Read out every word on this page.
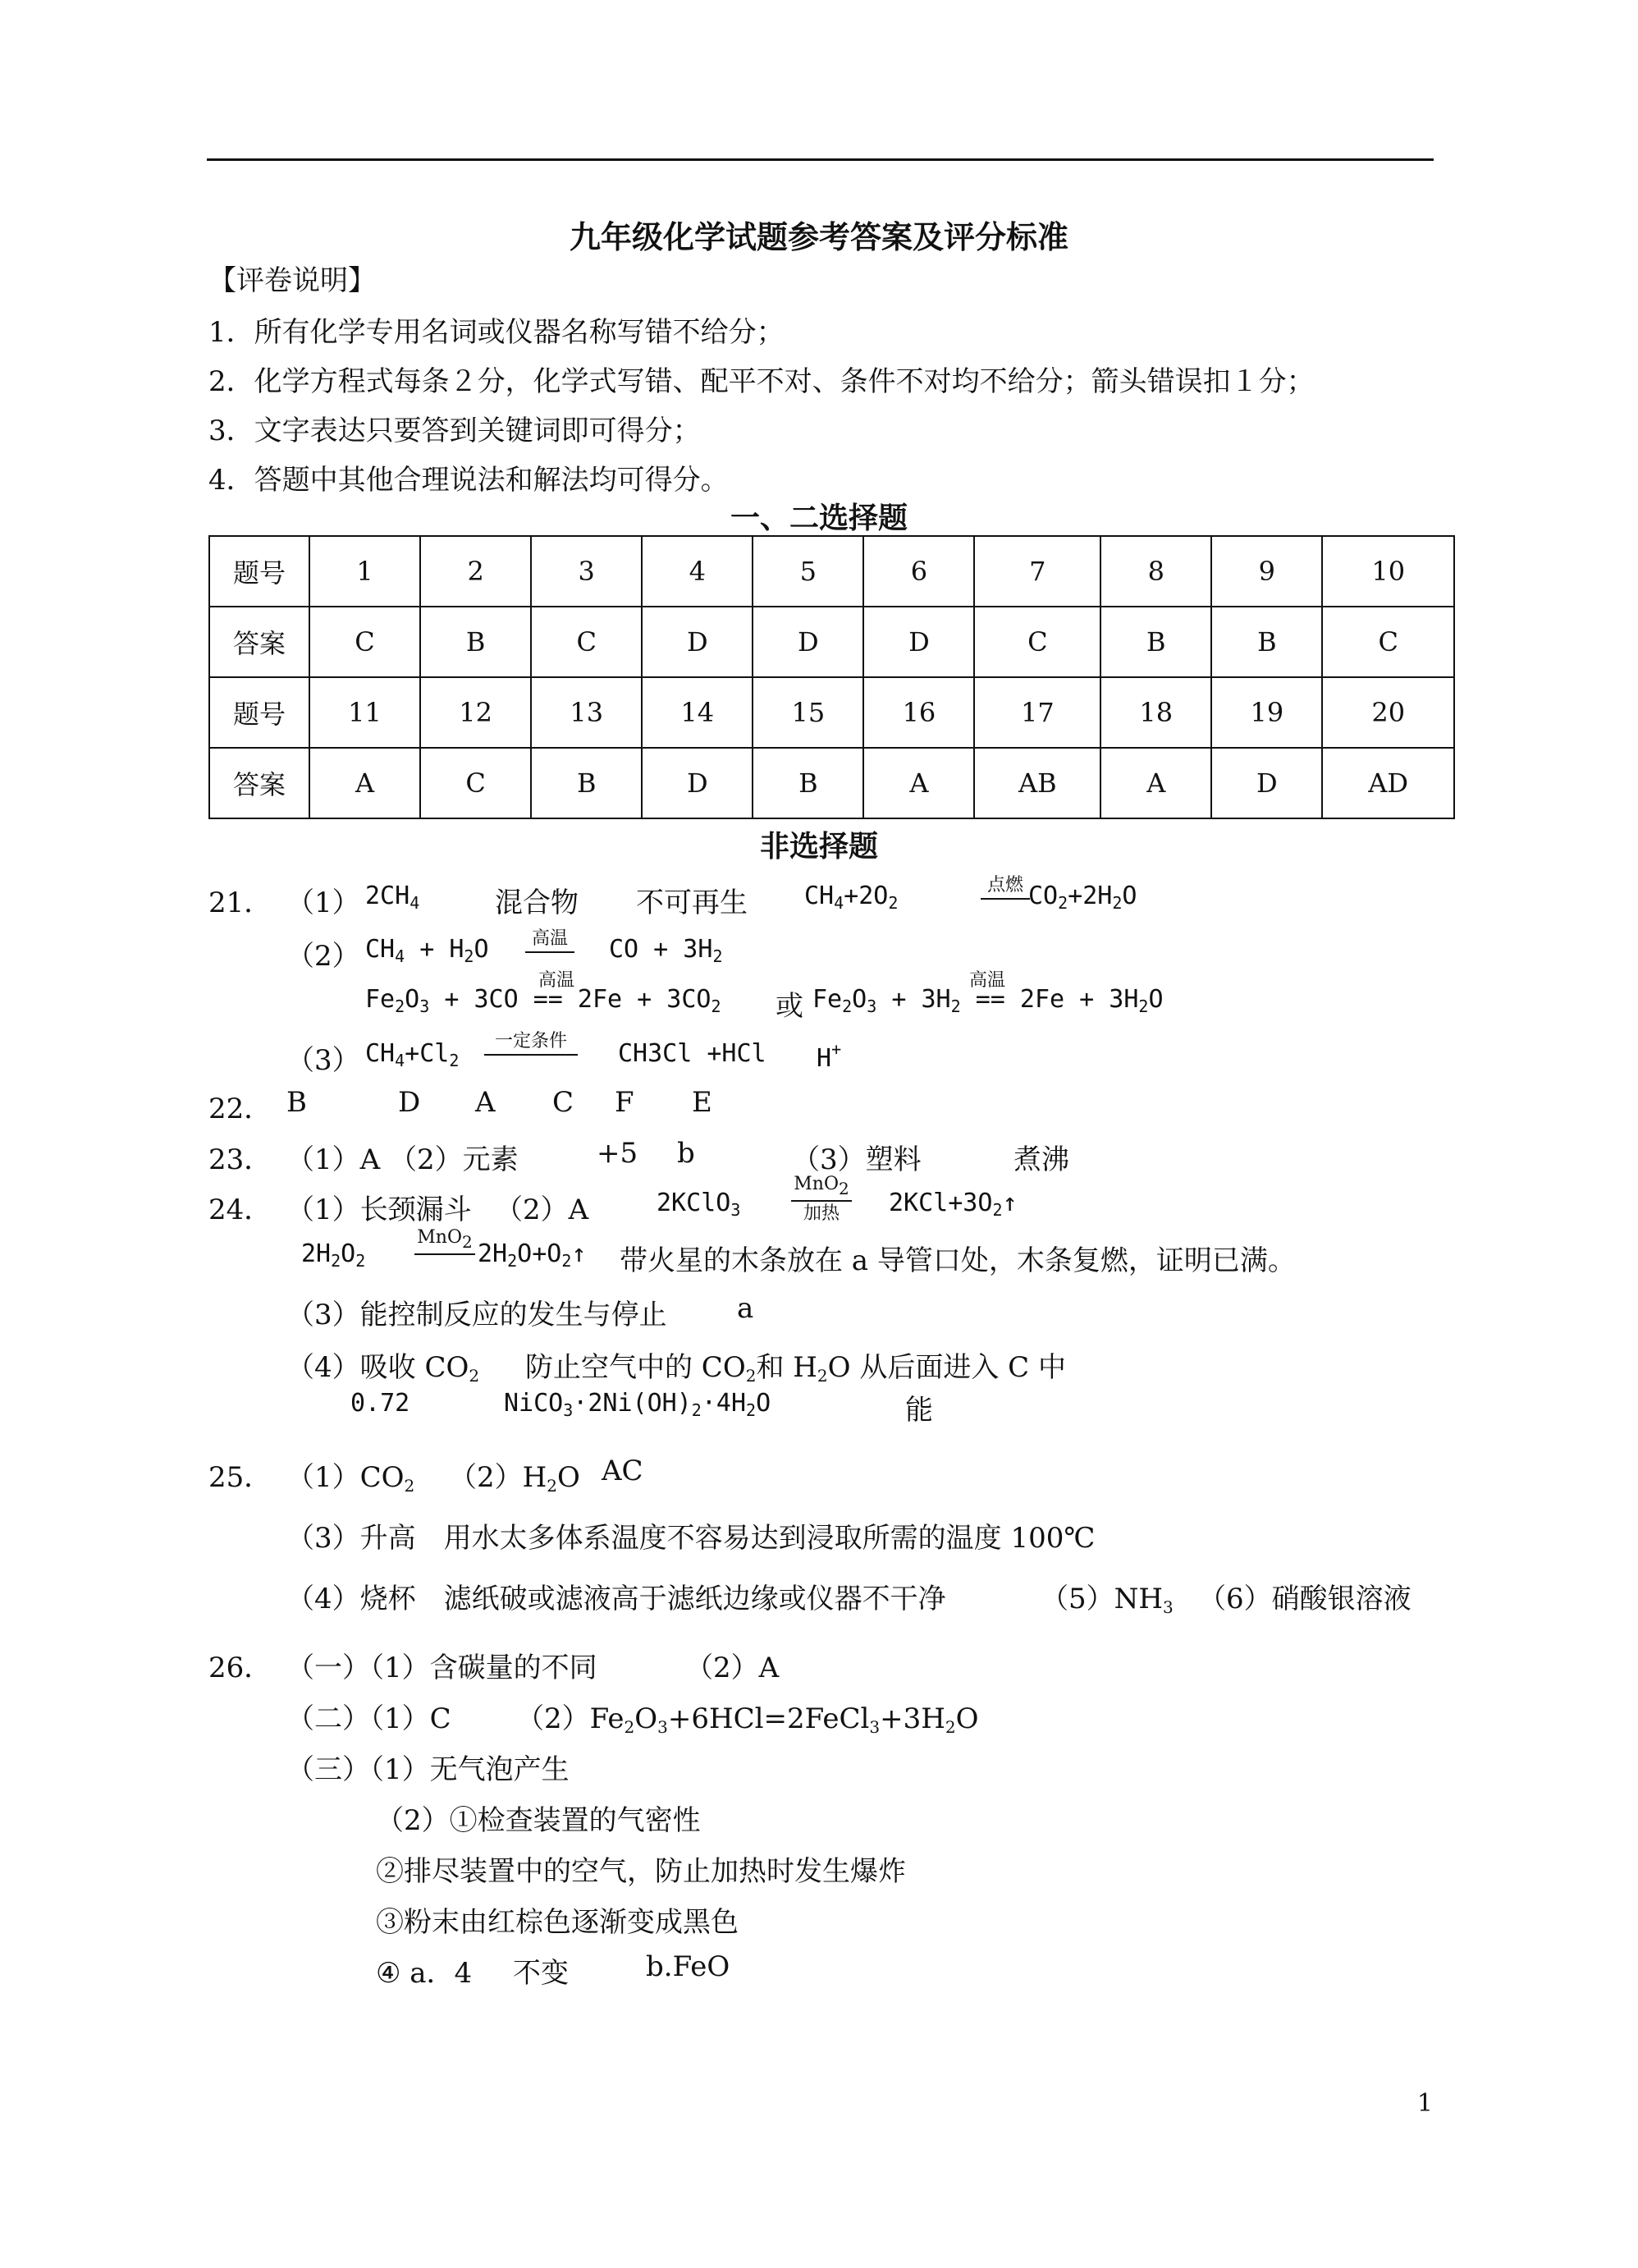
九年级化学试题参考答案及评分标准
【评卷说明】
1．所有化学专用名词或仪器名称写错不给分；
2．化学方程式每条２分，化学式写错、配平不对、条件不对均不给分；箭头错误扣１分；
3．文字表达只要答到关键词即可得分；
4．答题中其他合理说法和解法均可得分。
一、二选择题
题号	1	2	3	4	5	6	7	8	9	10
答案	C	B	C	D	D	D	C	B	B	C
题号	11	12	13	14	15	16	17	18	19	20
答案	A	C	B	D	B	A	AB	A	D	AD
非选择题
21． （1） $2CH_4$	混合物 不可再生 $CH_4+2O_2$
点燃 $CO_2+2H_2O$
（2） $CH_4 + H_2O$	高温 CO + $3H_2$
$Fe_2O_3 + 3CO == 2Fe + 3CO_2$
高温
或 $Fe_2O_3 + 3H_2 == 2Fe + 3H_2O$
高温
（3） $CH_4+Cl_2$
一定条件	CH3Cl +HCl H+
22． B	D A C F E
23． （1）A （2）元素	+5 b	（3）塑料	煮沸
24． （1）长颈漏斗 （2）A	2KClO$_3$
MnO$_2$
加热	$2KCl+3O_2↑$
$2H_2O_2$
MnO$_2$ $2H_2O+O_2↑$ 带火星的木条放在 a 导管口处，木条复燃，证明已满。
（3）能控制反应的发生与停止	a
（4）吸收 $CO_2$ 防止空气中的 $CO_2$和 $H_2O$ 从后面进入 C 中
0.72	$NiCO_3\cdot 2Ni(OH)_2\cdot 4H_2O$	能
25． $(1)CO_2$ $(2)H_2O$ AC
（3）升高　用水太多体系温度不容易达到浸取所需的温度 100℃
（4）烧杯　滤纸破或滤液高于滤纸边缘或仪器不干净	$(5)NH_3$ （6）硝酸银溶液
26． （一）（1）含碳量的不同	（2）A
（二）（1）C $(2)Fe_2O_3+6HCl=2FeCl_3+3H_2O$
（三）（1）无气泡产生
（2）①检查装置的气密性
②排尽装置中的空气，防止加热时发生爆炸
③粉末由红棕色逐渐变成黑色
④ a．4 不变	b.FeO
1
